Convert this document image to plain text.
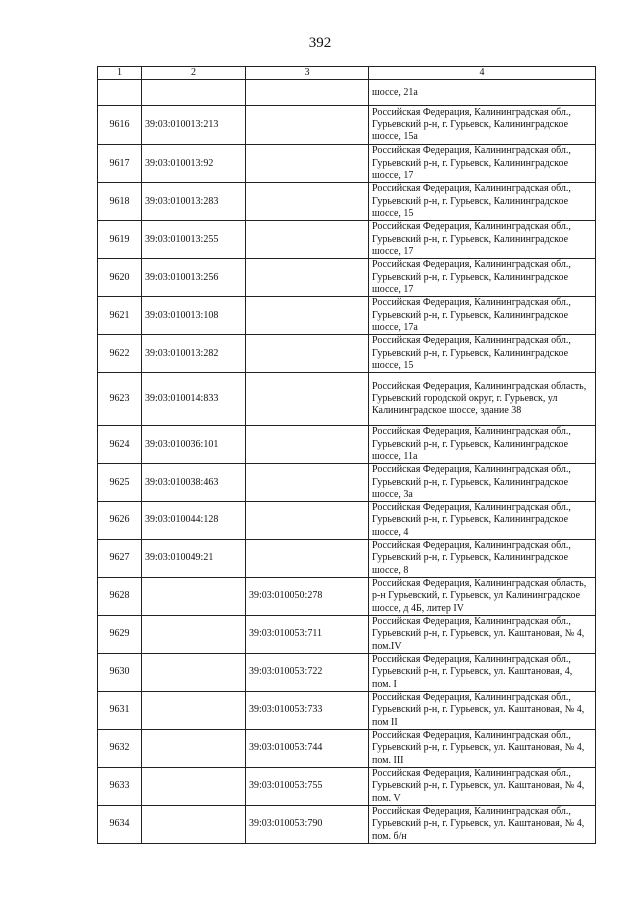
392
1	2	3	4
			шоссе, 21а
9616	39:03:010013:213		Российская Федерация, Калининградская обл., Гурьевский р-н, г. Гурьевск, Калининградское шоссе, 15а
9617	39:03:010013:92		Российская Федерация, Калининградская обл., Гурьевский р-н, г. Гурьевск, Калининградское шоссе, 17
9618	39:03:010013:283		Российская Федерация, Калининградская обл., Гурьевский р-н, г. Гурьевск, Калининградское шоссе, 15
9619	39:03:010013:255		Российская Федерация, Калининградская обл., Гурьевский р-н, г. Гурьевск, Калининградское шоссе, 17
9620	39:03:010013:256		Российская Федерация, Калининградская обл., Гурьевский р-н, г. Гурьевск, Калининградское шоссе, 17
9621	39:03:010013:108		Российская Федерация, Калининградская обл., Гурьевский р-н, г. Гурьевск, Калининградское шоссе, 17а
9622	39:03:010013:282		Российская Федерация, Калининградская обл., Гурьевский р-н, г. Гурьевск, Калининградское шоссе, 15
9623	39:03:010014:833		Российская Федерация, Калининградская область, Гурьевский городской округ, г. Гурьевск, ул Калининградское шоссе, здание 38
9624	39:03:010036:101		Российская Федерация, Калининградская обл., Гурьевский р-н, г. Гурьевск, Калининградское шоссе, 11а
9625	39:03:010038:463		Российская Федерация, Калининградская обл., Гурьевский р-н, г. Гурьевск, Калининградское шоссе, 3а
9626	39:03:010044:128		Российская Федерация, Калининградская обл., Гурьевский р-н, г. Гурьевск, Калининградское шоссе, 4
9627	39:03:010049:21		Российская Федерация, Калининградская обл., Гурьевский р-н, г. Гурьевск, Калининградское шоссе, 8
9628		39:03:010050:278	Российская Федерация, Калининградская область, р-н Гурьевский, г. Гурьевск, ул Калининградское шоссе, д 4Б, литер IV
9629		39:03:010053:711	Российская Федерация, Калининградская обл., Гурьевский р-н, г. Гурьевск, ул. Каштановая, № 4, пом.IV
9630		39:03:010053:722	Российская Федерация, Калининградская обл., Гурьевский р-н, г. Гурьевск, ул. Каштановая, 4, пом. I
9631		39:03:010053:733	Российская Федерация, Калининградская обл., Гурьевский р-н, г. Гурьевск, ул. Каштановая, № 4, пом II
9632		39:03:010053:744	Российская Федерация, Калининградская обл., Гурьевский р-н, г. Гурьевск, ул. Каштановая, № 4, пом. III
9633		39:03:010053:755	Российская Федерация, Калининградская обл., Гурьевский р-н, г. Гурьевск, ул. Каштановая, № 4, пом. V
9634		39:03:010053:790	Российская Федерация, Калининградская обл., Гурьевский р-н, г. Гурьевск, ул. Каштановая, № 4, пом. б/н
